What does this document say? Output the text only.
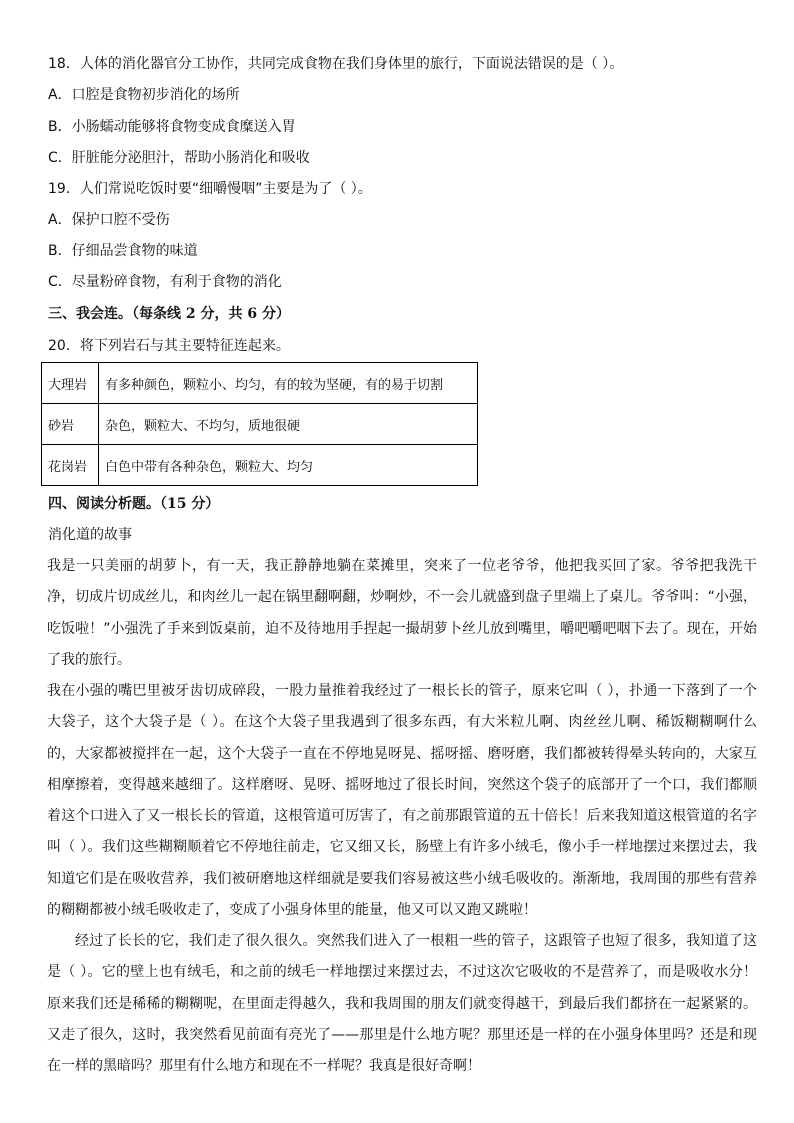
18．人体的消化器官分工协作，共同完成食物在我们身体里的旅行，下面说法错误的是（ ）。
A．口腔是食物初步消化的场所
B．小肠蠕动能够将食物变成食糜送入胃
C．肝脏能分泌胆汁，帮助小肠消化和吸收
19．人们常说吃饭时要“细嚼慢咽”主要是为了（ ）。
A．保护口腔不受伤
B．仔细品尝食物的味道
C．尽量粉碎食物，有利于食物的消化
三、我会连。（每条线 2 分，共 6 分）
20．将下列岩石与其主要特征连起来。
大理岩	有多种颜色，颗粒小、均匀，有的较为坚硬，有的易于切割
砂岩	杂色，颗粒大、不均匀，质地很硬
花岗岩	白色中带有各种杂色，颗粒大、均匀
四、阅读分析题。（15 分）
消化道的故事
我是一只美丽的胡萝卜，有一天，我正静静地躺在菜摊里，突来了一位老爷爷，他把我买回了家。爷爷把我洗干净，切成片切成丝儿，和肉丝儿一起在锅里翻啊翻，炒啊炒，不一会儿就盛到盘子里端上了桌儿。爷爷叫：“小强，吃饭啦！”小强洗了手来到饭桌前，迫不及待地用手捏起一撮胡萝卜丝儿放到嘴里，嚼吧嚼吧咽下去了。现在，开始了我的旅行。
我在小强的嘴巴里被牙齿切成碎段，一股力量推着我经过了一根长长的管子，原来它叫（ ），扑通一下落到了一个大袋子，这个大袋子是（ ）。在这个大袋子里我遇到了很多东西，有大米粒儿啊、肉丝丝儿啊、稀饭糊糊啊什么的，大家都被搅拌在一起，这个大袋子一直在不停地晃呀晃、摇呀摇、磨呀磨，我们都被转得晕头转向的，大家互相摩擦着，变得越来越细了。这样磨呀、晃呀、摇呀地过了很长时间，突然这个袋子的底部开了一个口，我们都顺着这个口进入了又一根长长的管道，这根管道可厉害了，有之前那跟管道的五十倍长！后来我知道这根管道的名字叫（ ）。我们这些糊糊顺着它不停地往前走，它又细又长，肠壁上有许多小绒毛，像小手一样地摆过来摆过去，我知道它们是在吸收营养，我们被研磨地这样细就是要我们容易被这些小绒毛吸收的。渐渐地，我周围的那些有营养的糊糊都被小绒毛吸收走了，变成了小强身体里的能量，他又可以又跑又跳啦！
经过了长长的它，我们走了很久很久。突然我们进入了一根粗一些的管子，这跟管子也短了很多，我知道了这是（ ）。它的壁上也有绒毛，和之前的绒毛一样地摆过来摆过去，不过这次它吸收的不是营养了，而是吸收水分！原来我们还是稀稀的糊糊呢，在里面走得越久，我和我周围的朋友们就变得越干，到最后我们都挤在一起紧紧的。又走了很久，这时，我突然看见前面有亮光了——那里是什么地方呢？那里还是一样的在小强身体里吗？还是和现在一样的黑暗吗？那里有什么地方和现在不一样呢？我真是很好奇啊！
